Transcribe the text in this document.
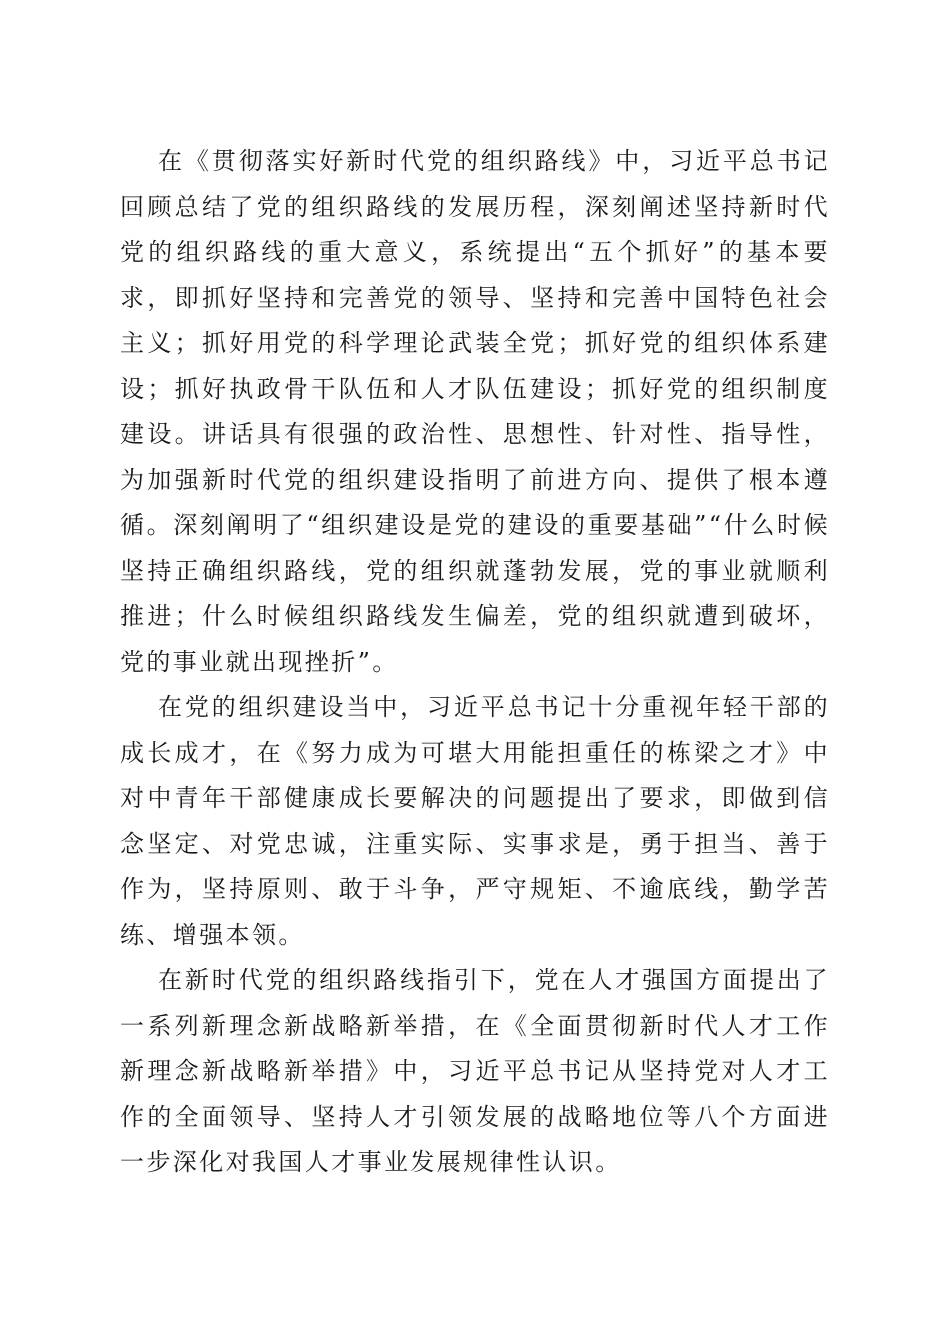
在《贯彻落实好新时代党的组织路线》中，习近平总书记回顾总结了党的组织路线的发展历程，深刻阐述坚持新时代党的组织路线的重大意义，系统提出“五个抓好”的基本要求，即抓好坚持和完善党的领导、坚持和完善中国特色社会主义；抓好用党的科学理论武装全党；抓好党的组织体系建设；抓好执政骨干队伍和人才队伍建设；抓好党的组织制度建设。讲话具有很强的政治性、思想性、针对性、指导性，为加强新时代党的组织建设指明了前进方向、提供了根本遵循。深刻阐明了“组织建设是党的建设的重要基础”“什么时候坚持正确组织路线，党的组织就蓬勃发展，党的事业就顺利推进；什么时候组织路线发生偏差，党的组织就遭到破坏，党的事业就出现挫折”。

在党的组织建设当中，习近平总书记十分重视年轻干部的成长成才，在《努力成为可堪大用能担重任的栋梁之才》中对中青年干部健康成长要解决的问题提出了要求，即做到信念坚定、对党忠诚，注重实际、实事求是，勇于担当、善于作为，坚持原则、敢于斗争，严守规矩、不逾底线，勤学苦练、增强本领。

在新时代党的组织路线指引下，党在人才强国方面提出了一系列新理念新战略新举措，在《全面贯彻新时代人才工作新理念新战略新举措》中，习近平总书记从坚持党对人才工作的全面领导、坚持人才引领发展的战略地位等八个方面进一步深化对我国人才事业发展规律性认识。
